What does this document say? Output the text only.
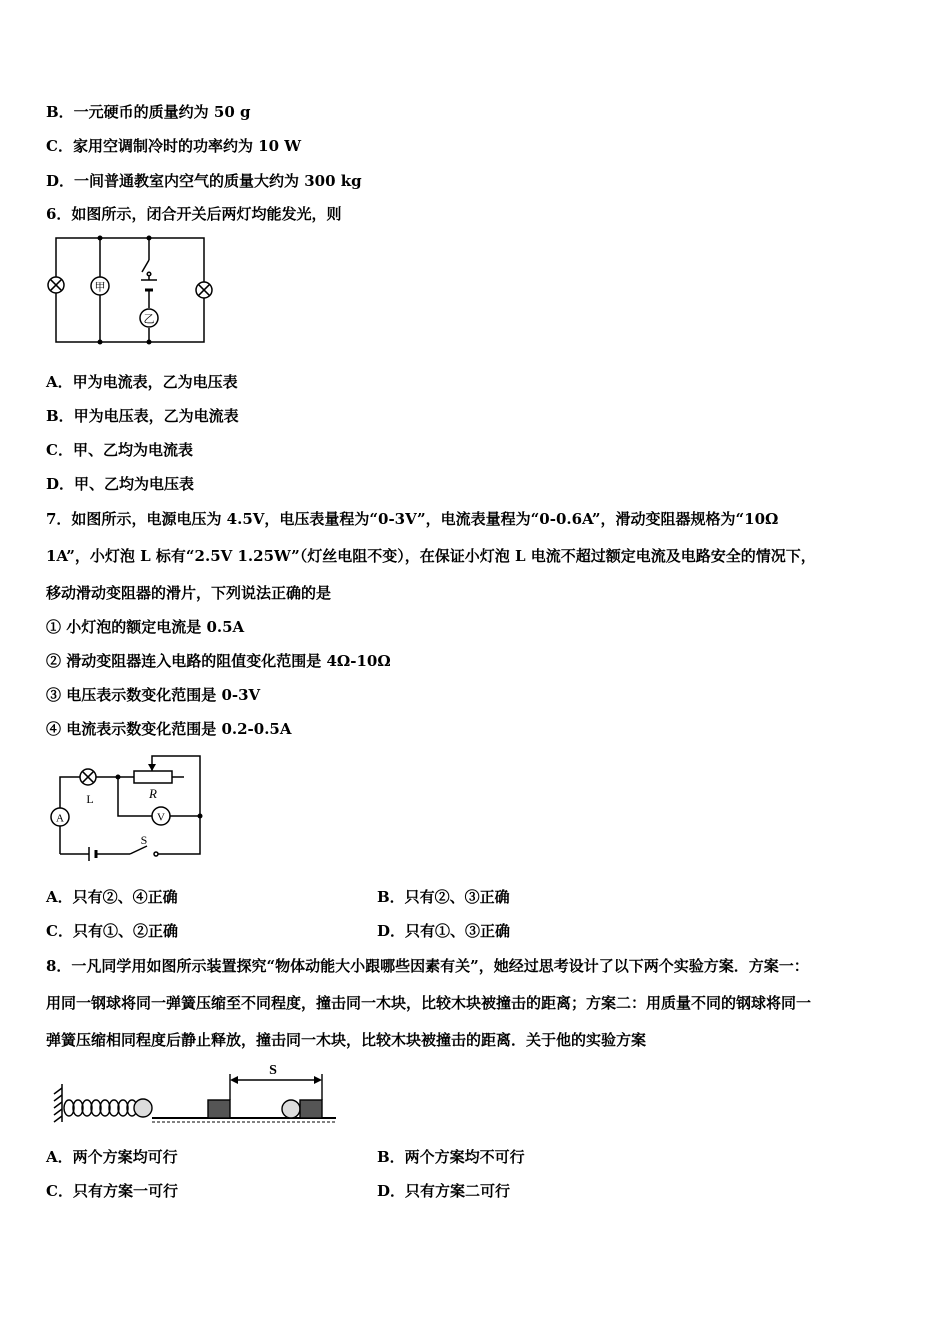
B．一元硬币的质量约为 50 g
C．家用空调制冷时的功率约为 10 W
D．一间普通教室内空气的质量大约为 300 kg
6．如图所示，闭合开关后两灯均能发光，则
甲
乙
A．甲为电流表，乙为电压表
B．甲为电压表，乙为电流表
C．甲、乙均为电流表
D．甲、乙均为电压表
7．如图所示，电源电压为 4.5V，电压表量程为“0-3V”，电流表量程为“0-0.6A”，滑动变阻器规格为“10Ω
1A”，小灯泡 L 标有“2.5V 1.25W”（灯丝电阻不变），在保证小灯泡 L 电流不超过额定电流及电路安全的情况下，
移动滑动变阻器的滑片，下列说法正确的是
① 小灯泡的额定电流是 0.5A
② 滑动变阻器连入电路的阻值变化范围是 4Ω-10Ω
③ 电压表示数变化范围是 0-3V
④ 电流表示数变化范围是 0.2-0.5A
R
L
A	V
S
A．只有②、④正确	B．只有②、③正确
C．只有①、②正确	D．只有①、③正确
8．一凡同学用如图所示装置探究“物体动能大小跟哪些因素有关”，她经过思考设计了以下两个实验方案．方案一：
用同一钢球将同一弹簧压缩至不同程度，撞击同一木块，比较木块被撞击的距离；方案二：用质量不同的钢球将同一
弹簧压缩相同程度后静止释放，撞击同一木块，比较木块被撞击的距离．关于他的实验方案
S
A．两个方案均可行	B．两个方案均不可行
C．只有方案一可行	D．只有方案二可行
